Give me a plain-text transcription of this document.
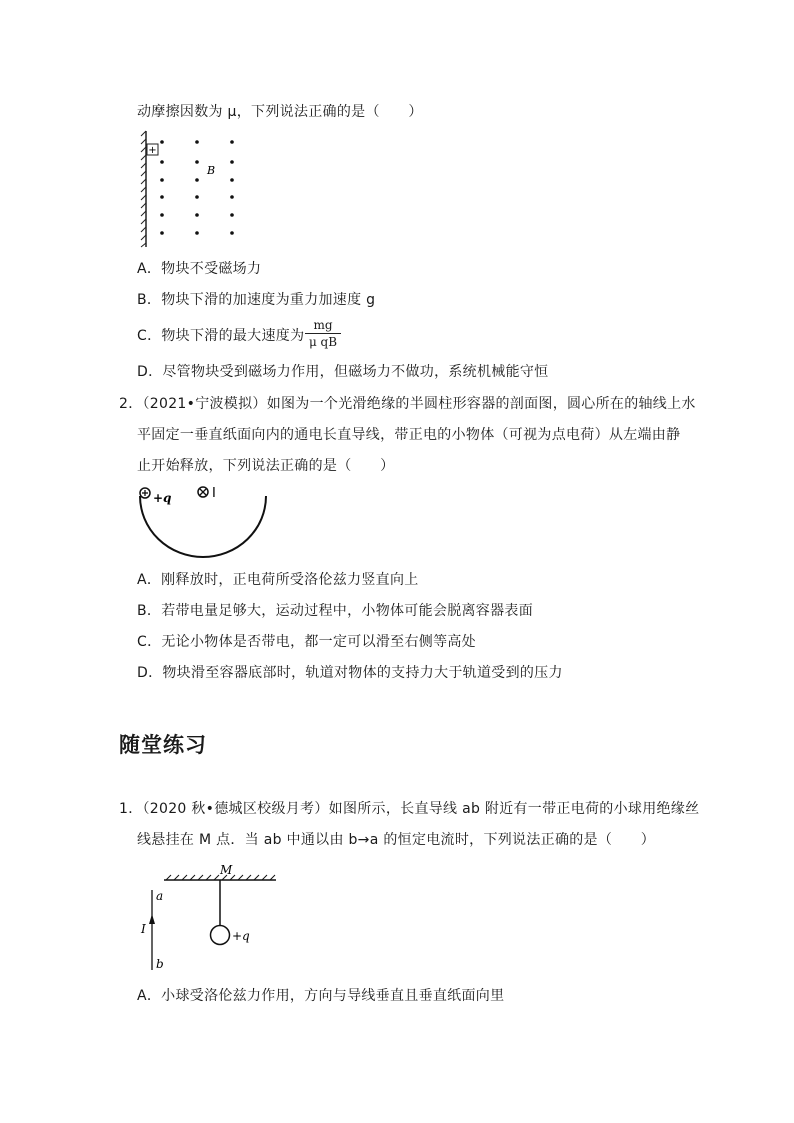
动摩擦因数为 μ，下列说法正确的是（　　）
+
B
A．物块不受磁场力
B．物块下滑的加速度为重力加速度 g
C．物块下滑的最大速度为
mg
μ qB
D．尽管物块受到磁场力作用，但磁场力不做功，系统机械能守恒
2．（2021•宁波模拟）如图为一个光滑绝缘的半圆柱形容器的剖面图，圆心所在的轴线上水
平固定一垂直纸面向内的通电长直导线，带正电的小物体（可视为点电荷）从左端由静
止开始释放，下列说法正确的是（　　）
+q	I
A．刚释放时，正电荷所受洛伦兹力竖直向上
B．若带电量足够大，运动过程中，小物体可能会脱离容器表面
C．无论小物体是否带电，都一定可以滑至右侧等高处
D．物块滑至容器底部时，轨道对物体的支持力大于轨道受到的压力
随堂练习
1．（2020 秋•德城区校级月考）如图所示，长直导线 ab 附近有一带正电荷的小球用绝缘丝
线悬挂在 M 点．当 ab 中通以由 b→a 的恒定电流时，下列说法正确的是（　　）
M
+q
a
b
I
A．小球受洛伦兹力作用，方向与导线垂直且垂直纸面向里
